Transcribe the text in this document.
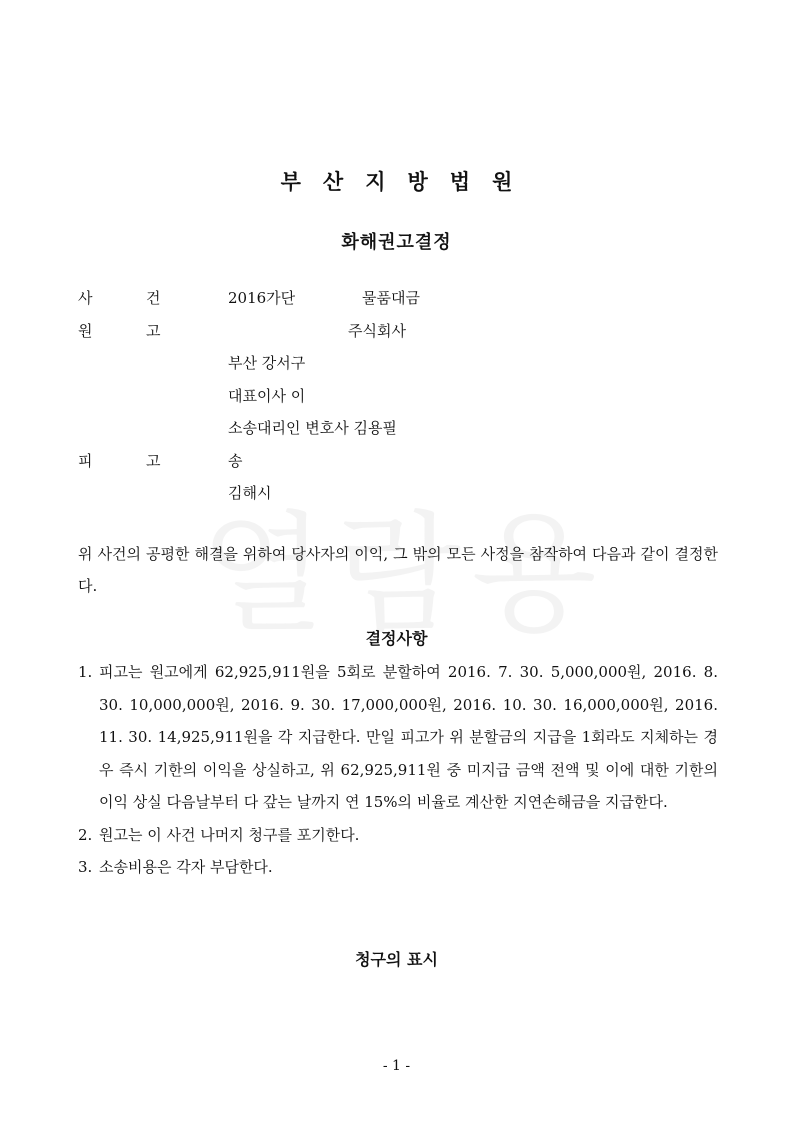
부산지방법원
화해권고결정
사	건	2016가단	물품대금
원	고	주식회사
부산 강서구
대표이사 이
소송대리인 변호사 김용필
피	고	송
김해시
위 사건의 공평한 해결을 위하여 당사자의 이익, 그 밖의 모든 사정을 참작하여 다음과 같이 결정한다.
결정사항
1. 피고는 원고에게 62,925,911원을 5회로 분할하여 2016. 7. 30. 5,000,000원, 2016. 8. 30. 10,000,000원, 2016. 9. 30. 17,000,000원, 2016. 10. 30. 16,000,000원, 2016. 11. 30. 14,925,911원을 각 지급한다. 만일 피고가 위 분할금의 지급을 1회라도 지체하는 경우 즉시 기한의 이익을 상실하고, 위 62,925,911원 중 미지급 금액 전액 및 이에 대한 기한의 이익 상실 다음날부터 다 갚는 날까지 연 15%의 비율로 계산한 지연손해금을 지급한다.
2. 원고는 이 사건 나머지 청구를 포기한다.
3. 소송비용은 각자 부담한다.
청구의 표시
- 1 -
